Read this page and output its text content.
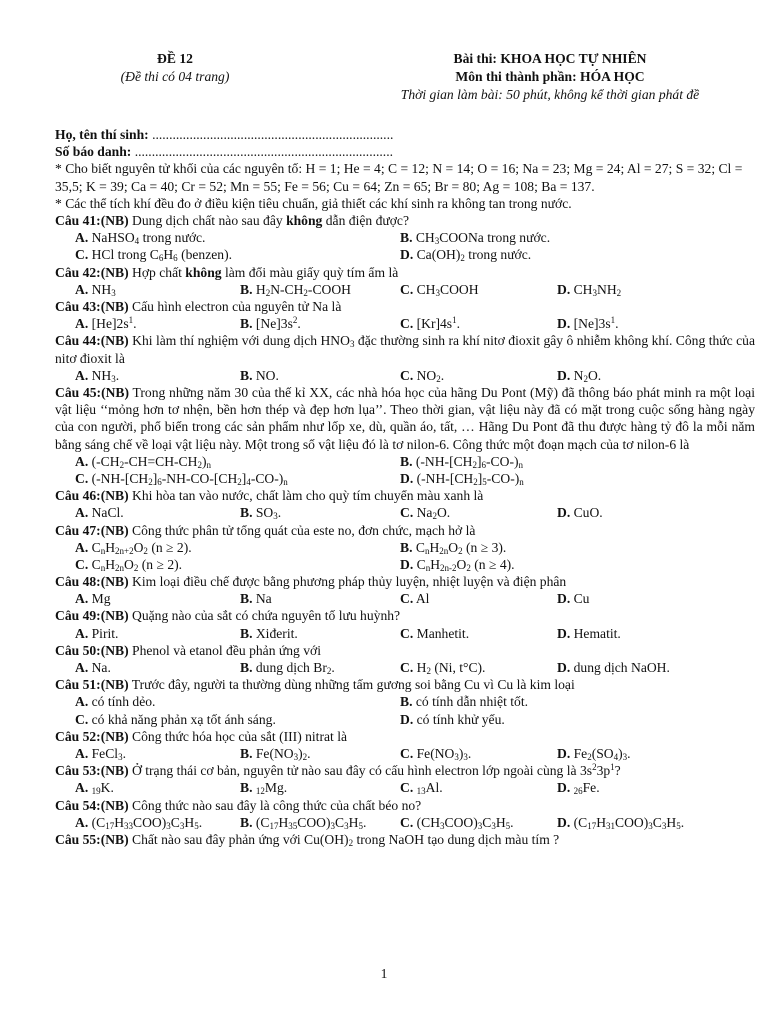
ĐỀ 12
(Đề thi có 04 trang)
Bài thi: KHOA HỌC TỰ NHIÊN
Môn thi thành phần: HÓA HỌC
Thời gian làm bài: 50 phút, không kể thời gian phát đề
Họ, tên thí sinh: .......................................................................
Số báo danh: ............................................................................
* Cho biết nguyên tử khối của các nguyên tố: H = 1; He = 4; C = 12; N = 14; O = 16; Na = 23; Mg = 24; Al = 27; S = 32; Cl = 35,5; K = 39; Ca = 40; Cr = 52; Mn = 55; Fe = 56; Cu = 64; Zn = 65; Br = 80; Ag = 108; Ba = 137.
* Các thể tích khí đều đo ở điều kiện tiêu chuẩn, giả thiết các khí sinh ra không tan trong nước.
Câu 41:(NB) Dung dịch chất nào sau đây không dẫn điện được?
A. NaHSO$_4$ trong nước.	B. $CH_3COONa$ trong nước.
C. HCl trong $C_6H_6$ (benzen).	D. $Ca(OH)_2$ trong nước.
Câu 42:(NB) Hợp chất không làm đổi màu giấy quỳ tím ẩm là
A. $NH_3$	B. $H_2N-CH_2$-COOH	C. $CH_3COOH$	D. $CH_3NH_2$
Câu 43:(NB) Cấu hình electron của nguyên tử Na là
A. $[He]2s^1$.	B. $[Ne]3s^2$.	C. $[Kr]4s^1$.	D. $[Ne]3s^1$.
Câu 44:(NB) Khi làm thí nghiệm với dung dịch $HNO_3$ đặc thường sinh ra khí nitơ đioxit gây ô nhiễm không khí. Công thức của nitơ đioxit là
A. $NH_3$.	B. NO.	C. $NO_2$.	D. $N_2O$.
Câu 45:(NB) Trong những năm 30 của thế kỉ XX, các nhà hóa học của hãng Du Pont (Mỹ) đã thông báo phát minh ra một loại vật liệu ‘‘mỏng hơn tơ nhện, bền hơn thép và đẹp hơn lụa’’. Theo thời gian, vật liệu này đã có mặt trong cuộc sống hàng ngày của con người, phổ biến trong các sản phẩm như lốp xe, dù, quần áo, tất, … Hãng Du Pont đã thu được hàng tỷ đô la mỗi năm bằng sáng chế về loại vật liệu này. Một trong số vật liệu đó là tơ nilon-6. Công thức một đoạn mạch của tơ nilon-6 là
A. $(-CH_2-CH=CH-CH_2)_n$	B. $(-NH-[CH_2]_6-CO-)_n$
C. $(-NH-[CH_2]_6-NH-CO-[CH_2]_4-CO-)_n$	D. $(-NH-[CH_2]_5-CO-)_n$
Câu 46:(NB) Khi hòa tan vào nước, chất làm cho quỳ tím chuyển màu xanh là
A. NaCl.	B. $SO_3$.	C. $Na_2O$.	D. CuO.
Câu 47:(NB) Công thức phân tử tổng quát của este no, đơn chức, mạch hở là
A. $C_nH_{2n+2}O_2$ (n ≥ 2).	B. $C_nH_{2n}O_2$ (n ≥ 3).
C. $C_nH_{2n}O_2$ (n ≥ 2).	D. $C_nH_{2n-2}O_2$ (n ≥ 4).
Câu 48:(NB) Kim loại điều chế được bằng phương pháp thủy luyện, nhiệt luyện và điện phân
A. Mg	B. Na	C. Al	D. Cu
Câu 49:(NB) Quặng nào của sắt có chứa nguyên tố lưu huỳnh?
A. Pirit.	B. Xiđerit.	C. Manhetit.	D. Hematit.
Câu 50:(NB) Phenol và etanol đều phản ứng với
A. Na.	B. dung dịch $Br_2$.	C. $H_2$ (Ni, t°C).	D. dung dịch NaOH.
Câu 51:(NB) Trước đây, người ta thường dùng những tấm gương soi bằng Cu vì Cu là kim loại
A. có tính dẻo.	B. có tính dẫn nhiệt tốt.
C. có khả năng phản xạ tốt ánh sáng.	D. có tính khử yếu.
Câu 52:(NB) Công thức hóa học của sắt (III) nitrat là
A. FeCl$_3$.	B. $Fe(NO_3)_2$.	C. $Fe(NO_3)_3$.	D. $Fe_2(SO_4)_3$.
Câu 53:(NB) Ở trạng thái cơ bản, nguyên tử nào sau đây có cấu hình electron lớp ngoài cùng là $3s^23p^1$?
A. $_{19}$K.	B. $_{12}$Mg.	C. $_{13}$Al.	D. $_{26}$Fe.
Câu 54:(NB) Công thức nào sau đây là công thức của chất béo no?
A. $(C_{17}H_{33}COO)_3C_3H_5$.	B. $(C_{17}H_{35}COO)_3C_3H_5$. C. $(CH_3COO)_3C_3H_5$.	D. $(C_{17}H_{31}COO)_3C_3H_5$.
Câu 55:(NB) Chất nào sau đây phản ứng với $Cu(OH)_2$ trong NaOH tạo dung dịch màu tím ?
1
